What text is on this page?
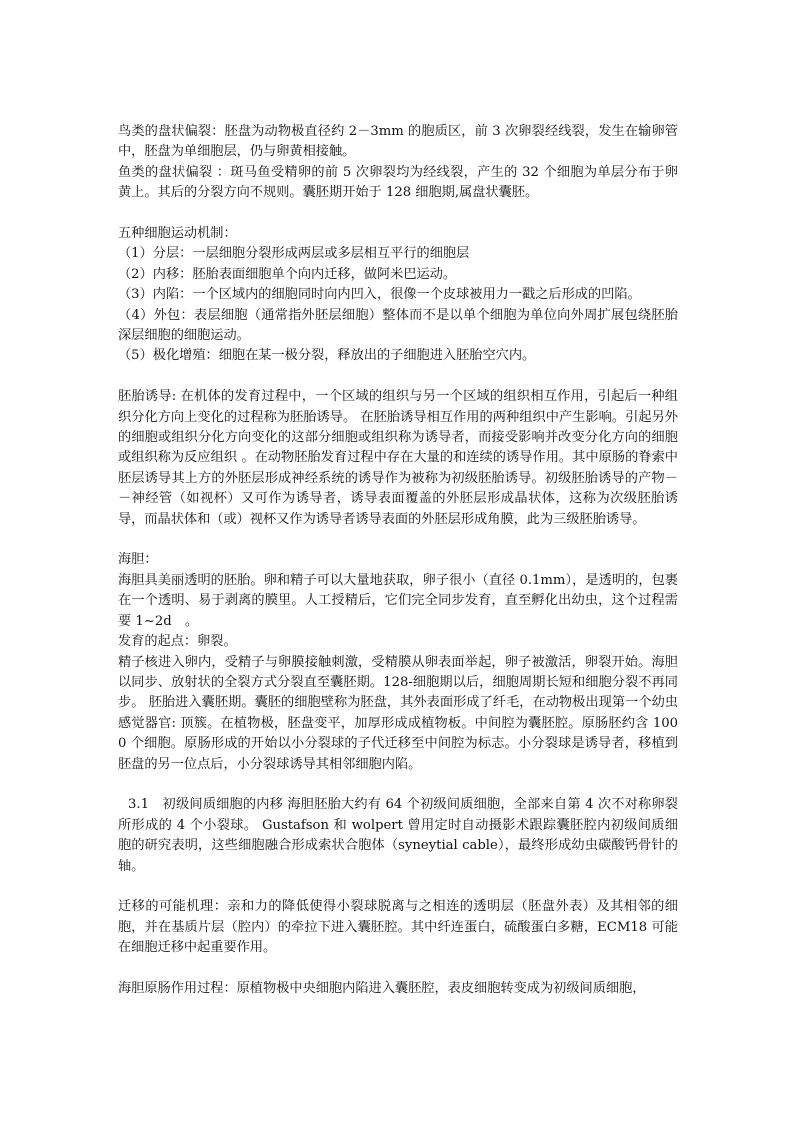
鸟类的盘状偏裂：胚盘为动物极直径约 2－3mm 的胞质区，前 3 次卵裂经线裂，发生在输卵管中，胚盘为单细胞层，仍与卵黄相接触。

鱼类的盘状偏裂 ：斑马鱼受精卵的前 5 次卵裂均为经线裂，产生的 32 个细胞为单层分布于卵黄上。其后的分裂方向不规则。囊胚期开始于 128 细胞期,属盘状囊胚。

五种细胞运动机制：

（1）分层：一层细胞分裂形成两层或多层相互平行的细胞层

（2）内移：胚胎表面细胞单个向内迁移，做阿米巴运动。

（3）内陷：一个区域内的细胞同时向内凹入，很像一个皮球被用力一戳之后形成的凹陷。

（4）外包：表层细胞（通常指外胚层细胞）整体而不是以单个细胞为单位向外周扩展包绕胚胎深层细胞的细胞运动。

（5）极化增殖：细胞在某一极分裂，释放出的子细胞进入胚胎空穴内。

胚胎诱导: 在机体的发育过程中，一个区域的组织与另一个区域的组织相互作用，引起后一种组织分化方向上变化的过程称为胚胎诱导。 在胚胎诱导相互作用的两种组织中产生影响。引起另外的细胞或组织分化方向变化的这部分细胞或组织称为诱导者，而接受影响并改变分化方向的细胞或组织称为反应组织 。在动物胚胎发育过程中存在大量的和连续的诱导作用。其中原肠的脊索中胚层诱导其上方的外胚层形成神经系统的诱导作为被称为初级胚胎诱导。初级胚胎诱导的产物－－神经管（如视杯）又可作为诱导者，诱导表面覆盖的外胚层形成晶状体，这称为次级胚胎诱导，而晶状体和（或）视杯又作为诱导者诱导表面的外胚层形成角膜，此为三级胚胎诱导。

海胆：

海胆具美丽透明的胚胎。卵和精子可以大量地获取，卵子很小（直径 0.1mm），是透明的，包裹在一个透明、易于剥离的膜里。人工授精后，它们完全同步发育，直至孵化出幼虫，这个过程需要 1~2d　。

发育的起点：卵裂。

精子核进入卵内，受精子与卵膜接触刺激，受精膜从卵表面举起，卵子被激活，卵裂开始。海胆以同步、放射状的全裂方式分裂直至囊胚期。128-细胞期以后，细胞周期长短和细胞分裂不再同步。 胚胎进入囊胚期。囊胚的细胞壁称为胚盘，其外表面形成了纤毛，在动物极出现第一个幼虫感觉器官: 顶簇。在植物极，胚盘变平，加厚形成成植物板。中间腔为囊胚腔。原肠胚约含 1000 个细胞。原肠形成的开始以小分裂球的子代迁移至中间腔为标志。小分裂球是诱导者，移植到胚盘的另一位点后，小分裂球诱导其相邻细胞内陷。

3.1　初级间质细胞的内移 海胆胚胎大约有 64 个初级间质细胞，全部来自第 4 次不对称卵裂所形成的 4 个小裂球。 Gustafson 和 wolpert 曾用定时自动摄影术跟踪囊胚腔内初级间质细胞的研究表明，这些细胞融合形成索状合胞体（syneytial cable），最终形成幼虫碳酸钙骨针的轴。

迁移的可能机理：亲和力的降低使得小裂球脱离与之相连的透明层（胚盘外表）及其相邻的细胞，并在基质片层（腔内）的牵拉下进入囊胚腔。其中纤连蛋白，硫酸蛋白多糖，ECM18 可能在细胞迁移中起重要作用。

海胆原肠作用过程：原植物极中央细胞内陷进入囊胚腔，表皮细胞转变成为初级间质细胞，
